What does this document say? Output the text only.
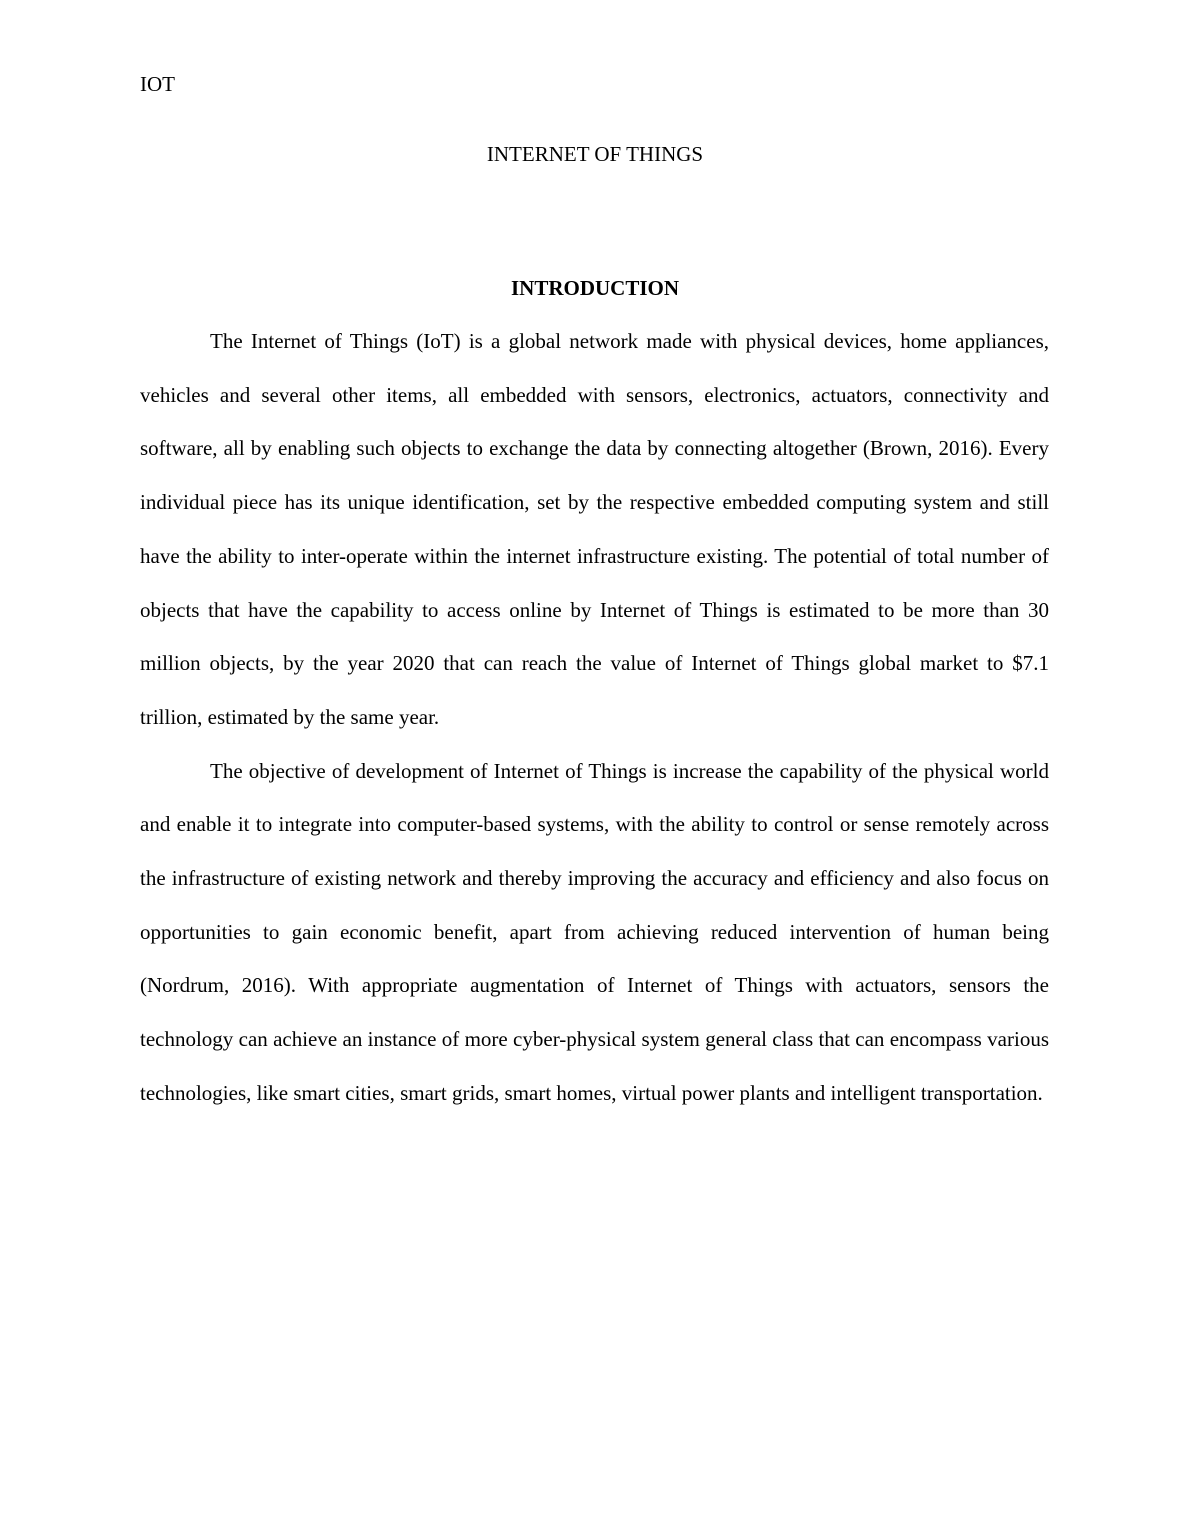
IOT
INTERNET OF THINGS
INTRODUCTION

The Internet of Things (IoT) is a global network made with physical devices, home appliances, vehicles and several other items, all embedded with sensors, electronics, actuators, connectivity and software, all by enabling such objects to exchange the data by connecting altogether (Brown, 2016). Every individual piece has its unique identification, set by the respective embedded computing system and still have the ability to inter-operate within the internet infrastructure existing. The potential of total number of objects that have the capability to access online by Internet of Things is estimated to be more than 30 million objects, by the year 2020 that can reach the value of Internet of Things global market to $7.1 trillion, estimated by the same year.

The objective of development of Internet of Things is increase the capability of the physical world and enable it to integrate into computer-based systems, with the ability to control or sense remotely across the infrastructure of existing network and thereby improving the accuracy and efficiency and also focus on opportunities to gain economic benefit, apart from achieving reduced intervention of human being (Nordrum, 2016). With appropriate augmentation of Internet of Things with actuators, sensors the technology can achieve an instance of more cyber-physical system general class that can encompass various technologies, like smart cities, smart grids, smart homes, virtual power plants and intelligent transportation.
